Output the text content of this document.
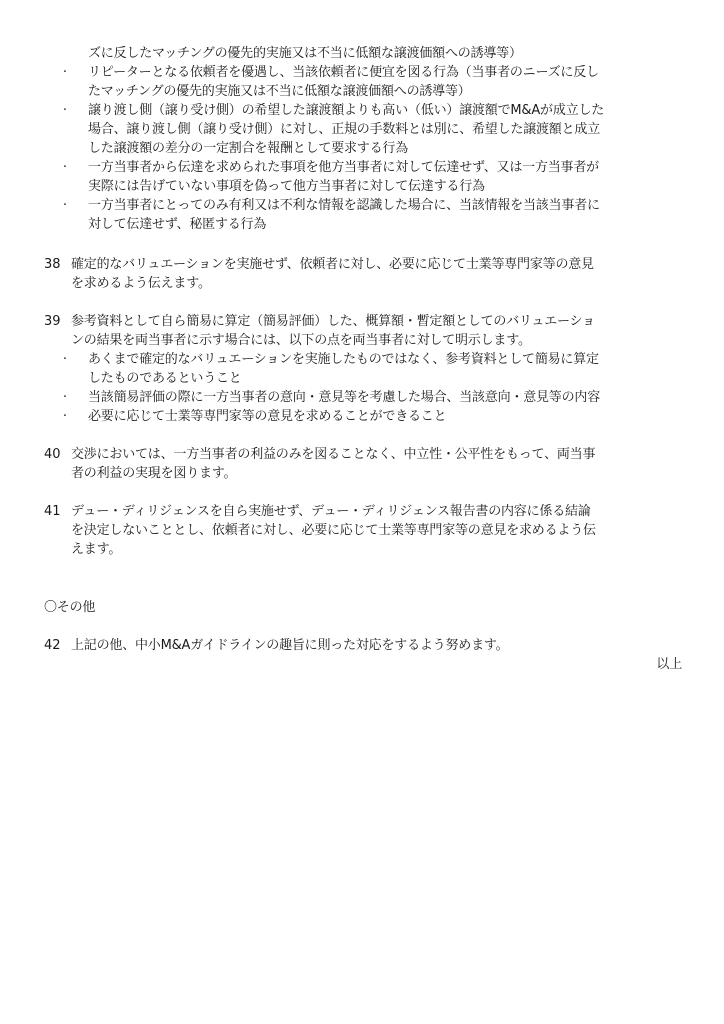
ズに反したマッチングの優先的実施又は不当に低額な譲渡価額への誘導等）
· リピーターとなる依頼者を優遇し、当該依頼者に便宜を図る行為（当事者のニーズに反し
たマッチングの優先的実施又は不当に低額な譲渡価額への誘導等）
· 譲り渡し側（譲り受け側）の希望した譲渡額よりも高い（低い）譲渡額でM&Aが成立した
場合、譲り渡し側（譲り受け側）に対し、正規の手数料とは別に、希望した譲渡額と成立
した譲渡額の差分の一定割合を報酬として要求する行為
· 一方当事者から伝達を求められた事項を他方当事者に対して伝達せず、又は一方当事者が
実際には告げていない事項を偽って他方当事者に対して伝達する行為
· 一方当事者にとってのみ有利又は不利な情報を認識した場合に、当該情報を当該当事者に
対して伝達せず、秘匿する行為
38 確定的なバリュエーションを実施せず、依頼者に対し、必要に応じて士業等専門家等の意見
を求めるよう伝えます。
39 参考資料として自ら簡易に算定（簡易評価）した、概算額・暫定額としてのバリュエーショ
ンの結果を両当事者に示す場合には、以下の点を両当事者に対して明示します。
· あくまで確定的なバリュエーションを実施したものではなく、参考資料として簡易に算定
したものであるということ
· 当該簡易評価の際に一方当事者の意向・意見等を考慮した場合、当該意向・意見等の内容
· 必要に応じて士業等専門家等の意見を求めることができること
40 交渉においては、一方当事者の利益のみを図ることなく、中立性・公平性をもって、両当事
者の利益の実現を図ります。
41 デュー・ディリジェンスを自ら実施せず、デュー・ディリジェンス報告書の内容に係る結論
を決定しないこととし、依頼者に対し、必要に応じて士業等専門家等の意見を求めるよう伝
えます。
〇その他
42 上記の他、中小M&Aガイドラインの趣旨に則った対応をするよう努めます。
以上
